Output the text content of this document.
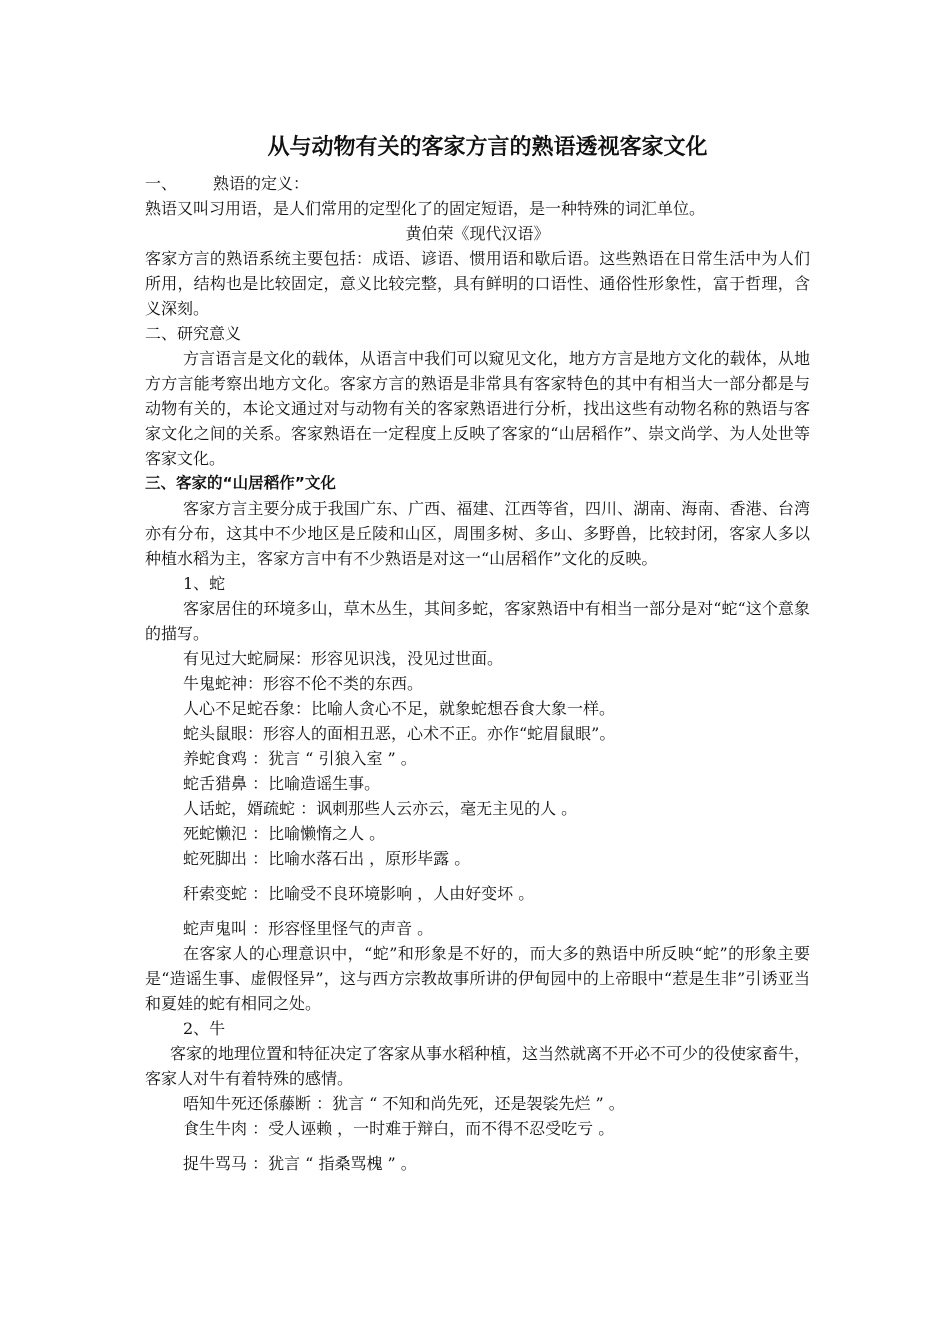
从与动物有关的客家方言的熟语透视客家文化

一、 熟语的定义：

熟语又叫习用语，是人们常用的定型化了的固定短语，是一种特殊的词汇单位。

黄伯荣《现代汉语》

客家方言的熟语系统主要包括：成语、谚语、惯用语和歇后语。这些熟语在日常生活中为人们所用，结构也是比较固定，意义比较完整，具有鲜明的口语性、通俗性形象性，富于哲理，含义深刻。

二、研究意义

方言语言是文化的载体，从语言中我们可以窥见文化，地方方言是地方文化的载体，从地方方言能考察出地方文化。客家方言的熟语是非常具有客家特色的其中有相当大一部分都是与动物有关的，本论文通过对与动物有关的客家熟语进行分析，找出这些有动物名称的熟语与客家文化之间的关系。客家熟语在一定程度上反映了客家的“山居稻作”、崇文尚学、为人处世等客家文化。

三、客家的“山居稻作”文化

客家方言主要分成于我国广东、广西、福建、江西等省，四川、湖南、海南、香港、台湾亦有分布，这其中不少地区是丘陵和山区，周围多树、多山、多野兽，比较封闭，客家人多以种植水稻为主，客家方言中有不少熟语是对这一“山居稻作”文化的反映。

1、蛇

客家居住的环境多山，草木丛生，其间多蛇，客家熟语中有相当一部分是对“蛇“这个意象的描写。

有见过大蛇屙屎：形容见识浅，没见过世面。

牛鬼蛇神：形容不伦不类的东西。

人心不足蛇吞象：比喻人贪心不足，就象蛇想吞食大象一样。

蛇头鼠眼：形容人的面相丑恶，心术不正。亦作“蛇眉鼠眼”。

养蛇食鸡 ：犹言 “ 引狼入室 ” 。

蛇舌猎鼻 ：比喻造谣生事。

人话蛇，婿疏蛇 ：讽刺那些人云亦云，毫无主见的人 。

死蛇懒氾 ：比喻懒惰之人 。

蛇死脚出 ：比喻水落石出 ，原形毕露 。

秆索变蛇 ：比喻受不良环境影响 ，人由好变坏 。

蛇声鬼叫 ：形容怪里怪气的声音 。

在客家人的心理意识中，“蛇”和形象是不好的，而大多的熟语中所反映“蛇”的形象主要是“造谣生事、虚假怪异”，这与西方宗教故事所讲的伊甸园中的上帝眼中“惹是生非”引诱亚当和夏娃的蛇有相同之处。

2、牛

客家的地理位置和特征决定了客家从事水稻种植，这当然就离不开必不可少的役使家畜牛，客家人对牛有着特殊的感情。

唔知牛死还係藤断 ：犹言 “ 不知和尚先死，还是袈裟先烂 ” 。

食生牛肉 ：受人诬赖 ，一时难于辩白，而不得不忍受吃亏 。

捉牛骂马 ：犹言 “ 指桑骂槐 ” 。
